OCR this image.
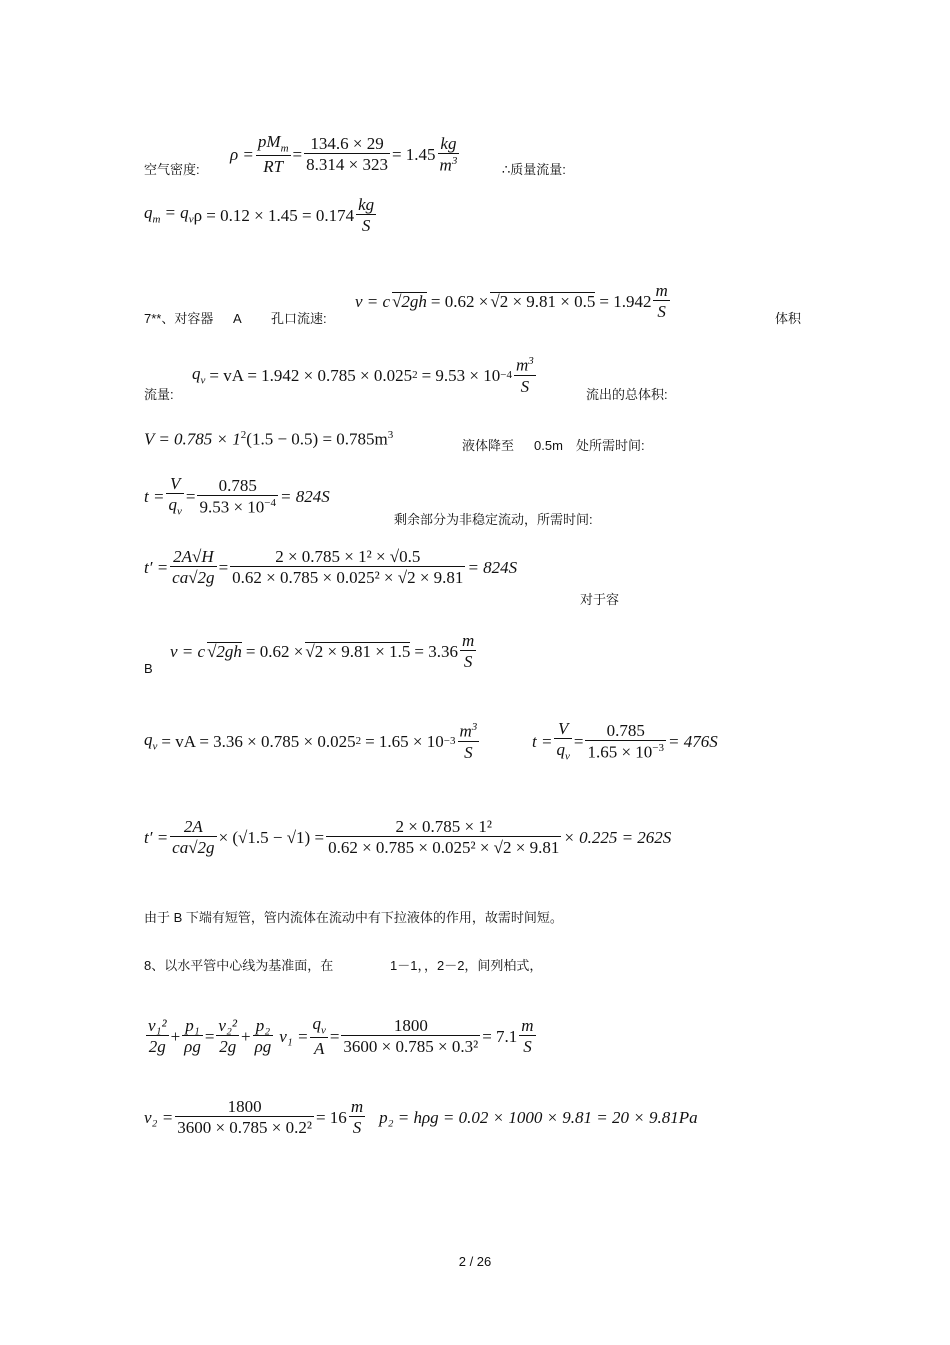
空气密度:
$\rho = \frac{pM_m}{RT} = \frac{134.6 \times 29}{8.314 \times 323} = 1.45 \frac{kg}{m^3}$	∴质量流量:
$q_m = q_v$ $\rho = 0.12 \times 1.45 = 0.174 \frac{kg}{S}$
v = c $√2gh = 0.62 \times √2 \times 9.81 \times 0.5 = 1.942 \frac{m}{S}$
7**、对容器 A 孔口流速:	体积
流量:
$q_v$ = vA = 1.942 × 0.785 × 0.025 $2 = 9.53 \times 10 -4 \frac{m^3}{S}$	流出的总体积:
$V = 0.785 \times 1^2(1.5 - 0.5) = 0.785m^3$
液体降至 0.5m 处所需时间:
$t = \frac{V}{q_v} = \frac{0.785}{9.53 \times 10^{-4}} = 824S$
剩余部分为非稳定流动，所需时间:
$t' = \frac{2A√H}{ca√2g} = \frac{\text{2 × 0.785 × 1² × √0.5}}{\text{0.62 × 0.785 × 0.025² × √2 × 9.81}} = 824S$
对于容
v = c $√2gh = 0.62 \times √2 \times 9.81 \times 1.5 = 3.36 \frac{m}{S}$
B
$q_v$ = vA = 3.36 × 0.785 × 0.025 $2 = 1.65 \times 10 -3 \frac{m^3}{S}$	$t = \frac{V}{q_v} = \frac{0.785}{1.65 \times 10^{-3}} = 476S$
$t' = \frac{2A}{ca√2g} \times (√1.5 - √1) = \frac{\text{2 × 0.785 × 1²}}{\text{0.62 × 0.785 × 0.025² × √2 × 9.81}} \times 0.225 = 262S$
由于 B 下端有短管，管内流体在流动中有下拉液体的作用，故需时间短。
8、以水平管中心线为基准面，在	1－1，，2－2，间列柏式，
$\frac{\text{v₁²}}{2g} + \frac{\text{p₁}}{\rho g} = \frac{\text{v₂²}}{2g} + \frac{\text{p₂}}{\rho g} v_1 = \frac{q_v}{A} = \frac{1800}{\text{3600 × 0.785 × 0.3²}} = 7.1 \frac{m}{S}$
$v_2 = \frac{1800}{\text{3600 × 0.785 × 0.2²}} = 16 \frac{m}{S} p_2 = h\rho g = 0.02 \times 1000 \times 9.81 = 20 \times 9.81Pa$
2 / 26
